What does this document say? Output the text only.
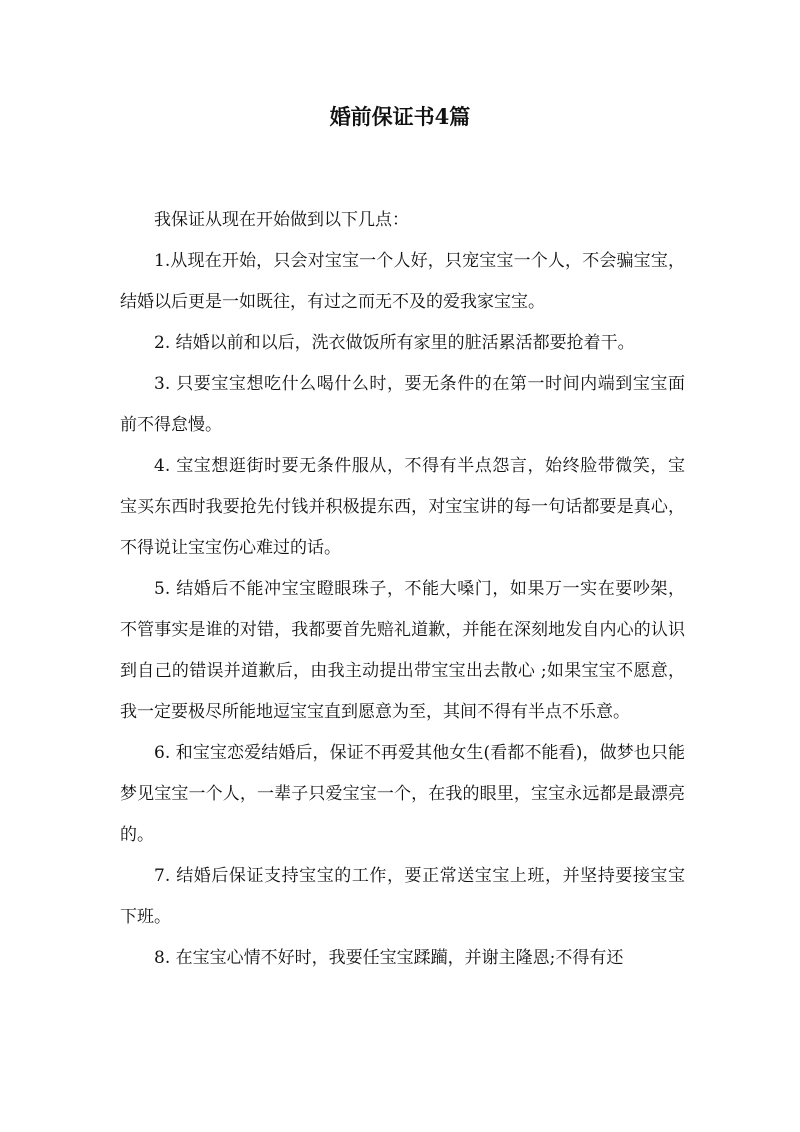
婚前保证书4篇

我保证从现在开始做到以下几点：

1.从现在开始，只会对宝宝一个人好，只宠宝宝一个人，不会骗宝宝，结婚以后更是一如既往，有过之而无不及的爱我家宝宝。

2. 结婚以前和以后，洗衣做饭所有家里的脏活累活都要抢着干。

3. 只要宝宝想吃什么喝什么时，要无条件的在第一时间内端到宝宝面前不得怠慢。

4. 宝宝想逛街时要无条件服从，不得有半点怨言，始终脸带微笑，宝宝买东西时我要抢先付钱并积极提东西，对宝宝讲的每一句话都要是真心，不得说让宝宝伤心难过的话。

5. 结婚后不能冲宝宝瞪眼珠子，不能大嗓门，如果万一实在要吵架，不管事实是谁的对错，我都要首先赔礼道歉，并能在深刻地发自内心的认识到自己的错误并道歉后，由我主动提出带宝宝出去散心 ;如果宝宝不愿意，我一定要极尽所能地逗宝宝直到愿意为至，其间不得有半点不乐意。

6. 和宝宝恋爱结婚后，保证不再爱其他女生(看都不能看)，做梦也只能梦见宝宝一个人，一辈子只爱宝宝一个，在我的眼里，宝宝永远都是最漂亮的。

7. 结婚后保证支持宝宝的工作，要正常送宝宝上班，并坚持要接宝宝下班。

8. 在宝宝心情不好时，我要任宝宝蹂躏，并谢主隆恩;不得有还
